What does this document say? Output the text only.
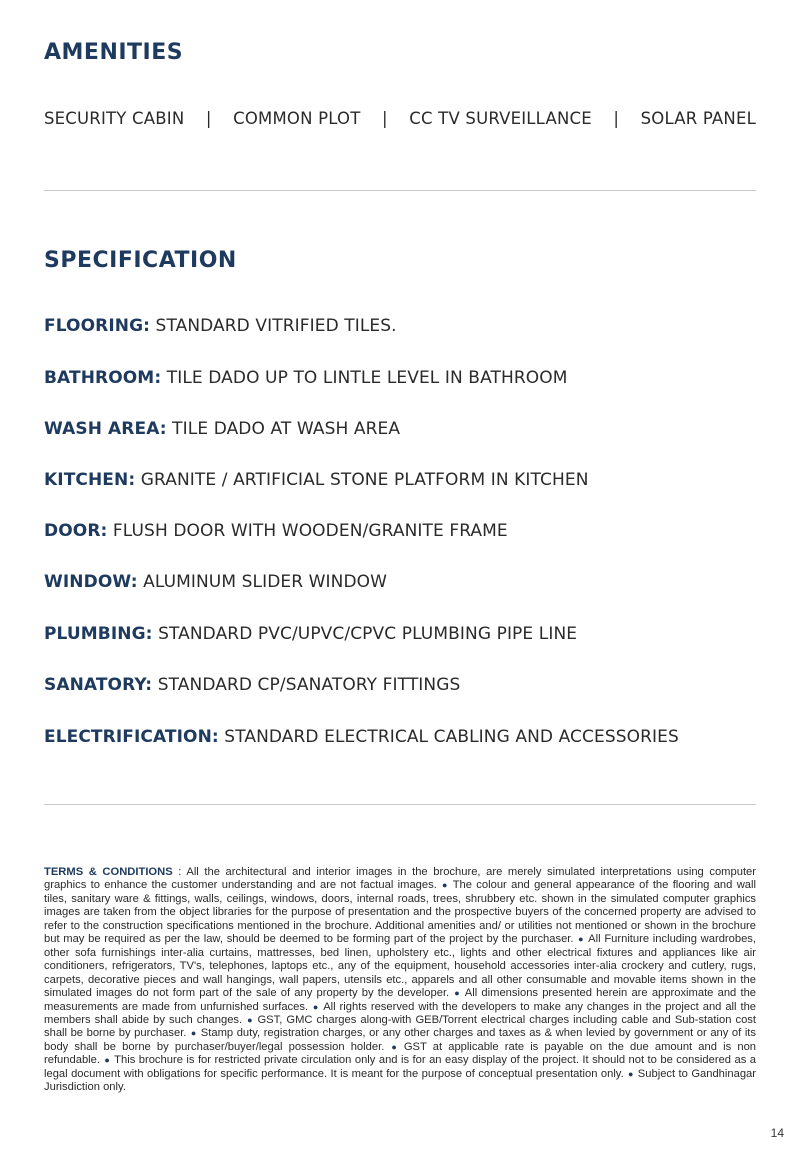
AMENITIES
SECURITY CABIN | COMMON PLOT | CC TV SURVEILLANCE | SOLAR PANEL
SPECIFICATION

FLOORING: STANDARD VITRIFIED TILES.

BATHROOM: TILE DADO UP TO LINTLE LEVEL IN BATHROOM

WASH AREA: TILE DADO AT WASH AREA

KITCHEN: GRANITE / ARTIFICIAL STONE PLATFORM IN KITCHEN

DOOR: FLUSH DOOR WITH WOODEN/GRANITE FRAME

WINDOW: ALUMINUM SLIDER WINDOW

PLUMBING: STANDARD PVC/UPVC/CPVC PLUMBING PIPE LINE

SANATORY: STANDARD CP/SANATORY FITTINGS

ELECTRIFICATION: STANDARD ELECTRICAL CABLING AND ACCESSORIES

TERMS & CONDITIONS : All the architectural and interior images in the brochure, are merely simulated interpretations using computer graphics to enhance the customer understanding and are not factual images. ● The colour and general appearance of the flooring and wall tiles, sanitary ware & fittings, walls, ceilings, windows, doors, internal roads, trees, shrubbery etc. shown in the simulated computer graphics images are taken from the object libraries for the purpose of presentation and the prospective buyers of the concerned property are advised to refer to the construction specifications mentioned in the brochure. Additional amenities and/ or utilities not mentioned or shown in the brochure but may be required as per the law, should be deemed to be forming part of the project by the purchaser. ● All Furniture including wardrobes, other sofa furnishings inter-alia curtains, mattresses, bed linen, upholstery etc., lights and other electrical fixtures and appliances like air conditioners, refrigerators, TV's, telephones, laptops etc., any of the equipment, household accessories inter-alia crockery and cutlery, rugs, carpets, decorative pieces and wall hangings, wall papers, utensils etc., apparels and all other consumable and movable items shown in the simulated images do not form part of the sale of any property by the developer. ● All dimensions presented herein are approximate and the measurements are made from unfurnished surfaces. ● All rights reserved with the developers to make any changes in the project and all the members shall abide by such changes. ● GST, GMC charges along-with GEB/Torrent electrical charges including cable and Sub-station cost shall be borne by purchaser. ● Stamp duty, registration charges, or any other charges and taxes as & when levied by government or any of its body shall be borne by purchaser/buyer/legal possession holder. ● GST at applicable rate is payable on the due amount and is non refundable. ● This brochure is for restricted private circulation only and is for an easy display of the project. It should not to be considered as a legal document with obligations for specific performance. It is meant for the purpose of conceptual presentation only. ● Subject to Gandhinagar Jurisdiction only.

14
